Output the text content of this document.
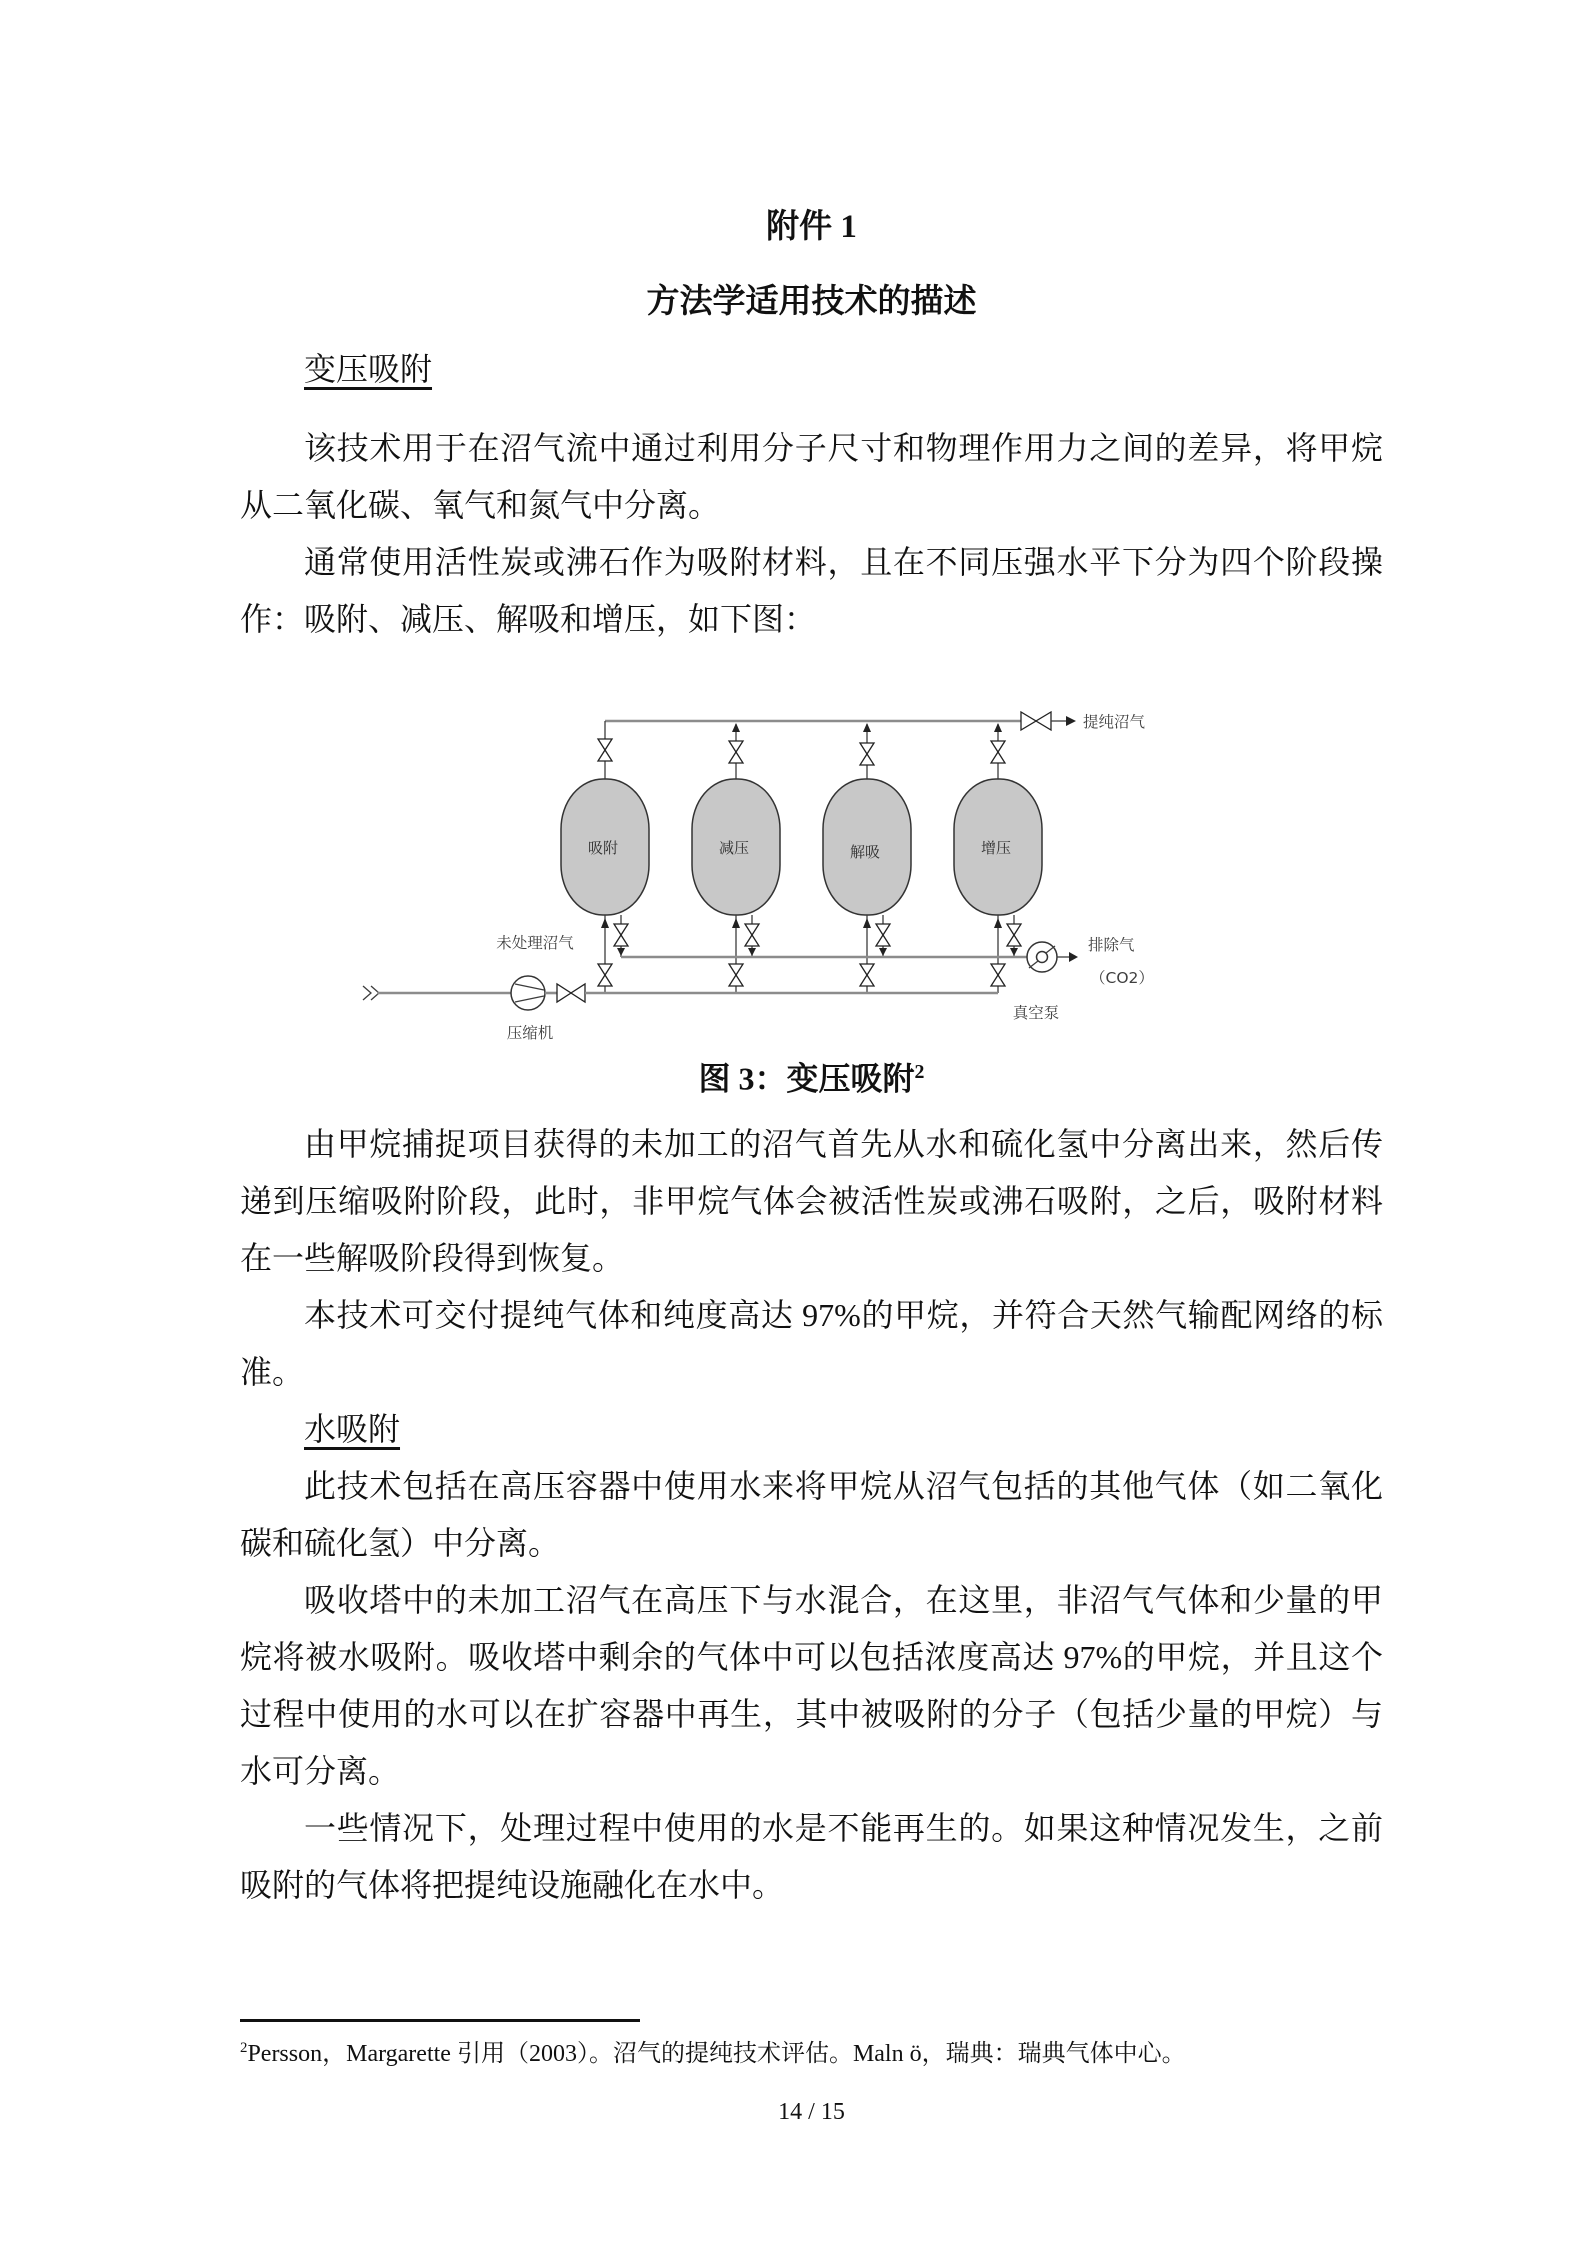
附件 1
方法学适用技术的描述
变压吸附

该技术用于在沼气流中通过利用分子尺寸和物理作用力之间的差异，将甲烷从二氧化碳、氧气和氮气中分离。

通常使用活性炭或沸石作为吸附材料，且在不同压强水平下分为四个阶段操作：吸附、减压、解吸和增压，如下图：

提纯沼气
吸附	减压	解吸	增压
排除气
（CO2）
真空泵
未处理沼气
压缩机
图 3：变压吸附$^2$

由甲烷捕捉项目获得的未加工的沼气首先从水和硫化氢中分离出来，然后传递到压缩吸附阶段，此时，非甲烷气体会被活性炭或沸石吸附，之后，吸附材料在一些解吸阶段得到恢复。

本技术可交付提纯气体和纯度高达 97%的甲烷，并符合天然气输配网络的标准。

水吸附

此技术包括在高压容器中使用水来将甲烷从沼气包括的其他气体（如二氧化碳和硫化氢）中分离。

吸收塔中的未加工沼气在高压下与水混合，在这里，非沼气气体和少量的甲烷将被水吸附。吸收塔中剩余的气体中可以包括浓度高达 97%的甲烷，并且这个过程中使用的水可以在扩容器中再生，其中被吸附的分子（包括少量的甲烷）与水可分离。

一些情况下，处理过程中使用的水是不能再生的。如果这种情况发生，之前吸附的气体将把提纯设施融化在水中。

$^2$Persson，Margarette 引用（2003）。沼气的提纯技术评估。Maln ö，瑞典：瑞典气体中心。
14 / 15
